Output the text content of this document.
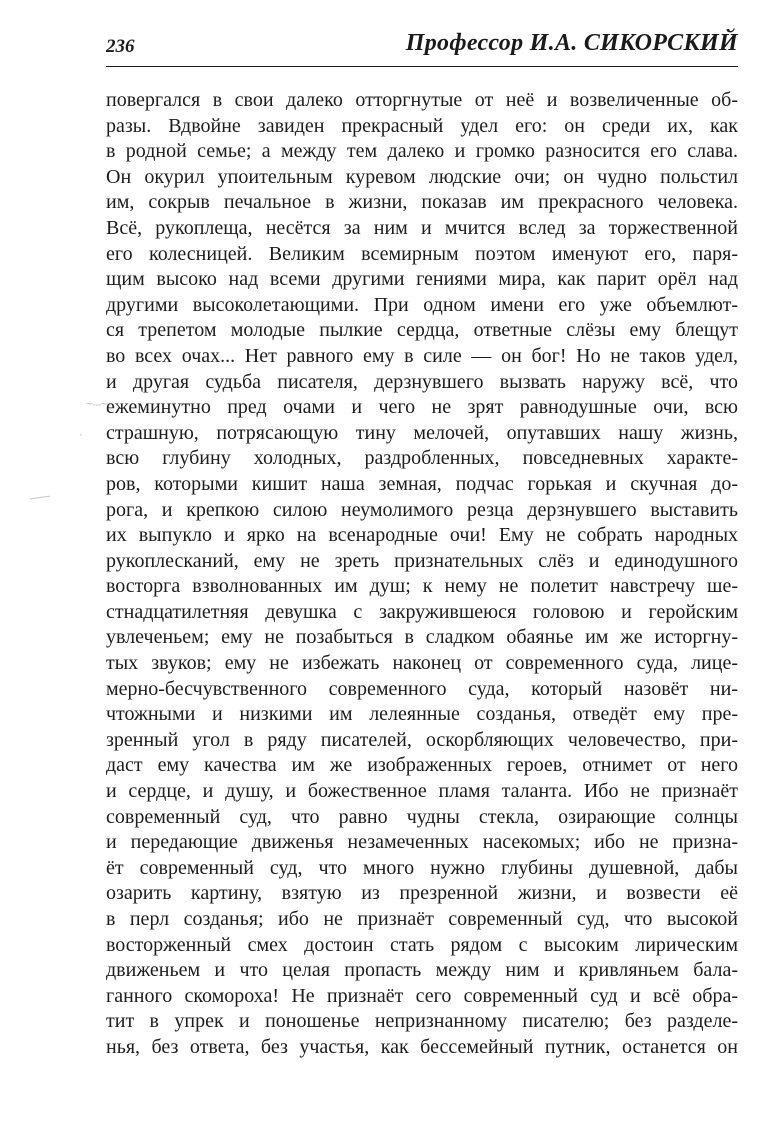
236	Профессор И.А. СИКОРСКИЙ
~·-·~
·
повергался в свои далеко отторгнутые от неё и возвеличенные об-
разы. Вдвойне завиден прекрасный удел его: он среди их, как
в родной семье; а между тем далеко и громко разносится его слава.
Он окурил упоительным куревом людские очи; он чудно польстил
им, сокрыв печальное в жизни, показав им прекрасного человека.
Всё, рукоплеща, несётся за ним и мчится вслед за торжественной
его колесницей. Великим всемирным поэтом именуют его, паря-
щим высоко над всеми другими гениями мира, как парит орёл над
другими высоколетающими. При одном имени его уже объемлют-
ся трепетом молодые пылкие сердца, ответные слёзы ему блещут
во всех очах... Нет равного ему в силе — он бог! Но не таков удел,
и другая судьба писателя, дерзнувшего вызвать наружу всё, что
ежеминутно пред очами и чего не зрят равнодушные очи, всю
страшную, потрясающую тину мелочей, опутавших нашу жизнь,
всю глубину холодных, раздробленных, повседневных характе-
ров, которыми кишит наша земная, подчас горькая и скучная до-
рога, и крепкою силою неумолимого резца дерзнувшего выставить
их выпукло и ярко на всенародные очи! Ему не собрать народных
рукоплесканий, ему не зреть признательных слёз и единодушного
восторга взволнованных им душ; к нему не полетит навстречу ше-
стнадцатилетняя девушка с закружившеюся головою и геройским
увлеченьем; ему не позабыться в сладком обаянье им же исторгну-
тых звуков; ему не избежать наконец от современного суда, лице-
мерно-бесчувственного современного суда, который назовёт ни-
чтожными и низкими им лелеянные созданья, отведёт ему пре-
зренный угол в ряду писателей, оскорбляющих человечество, при-
даст ему качества им же изображенных героев, отнимет от него
и сердце, и душу, и божественное пламя таланта. Ибо не признаёт
современный суд, что равно чудны стекла, озирающие солнцы
и передающие движенья незамеченных насекомых; ибо не призна-
ёт современный суд, что много нужно глубины душевной, дабы
озарить картину, взятую из презренной жизни, и возвести её
в перл созданья; ибо не признаёт современный суд, что высокой
восторженный смех достоин стать рядом с высоким лирическим
движеньем и что целая пропасть между ним и кривляньем бала-
ганного скомороха! Не признаёт сего современный суд и всё обра-
тит в упрек и поношенье непризнанному писателю; без разделе-
нья, без ответа, без участья, как бессемейный путник, останется он
